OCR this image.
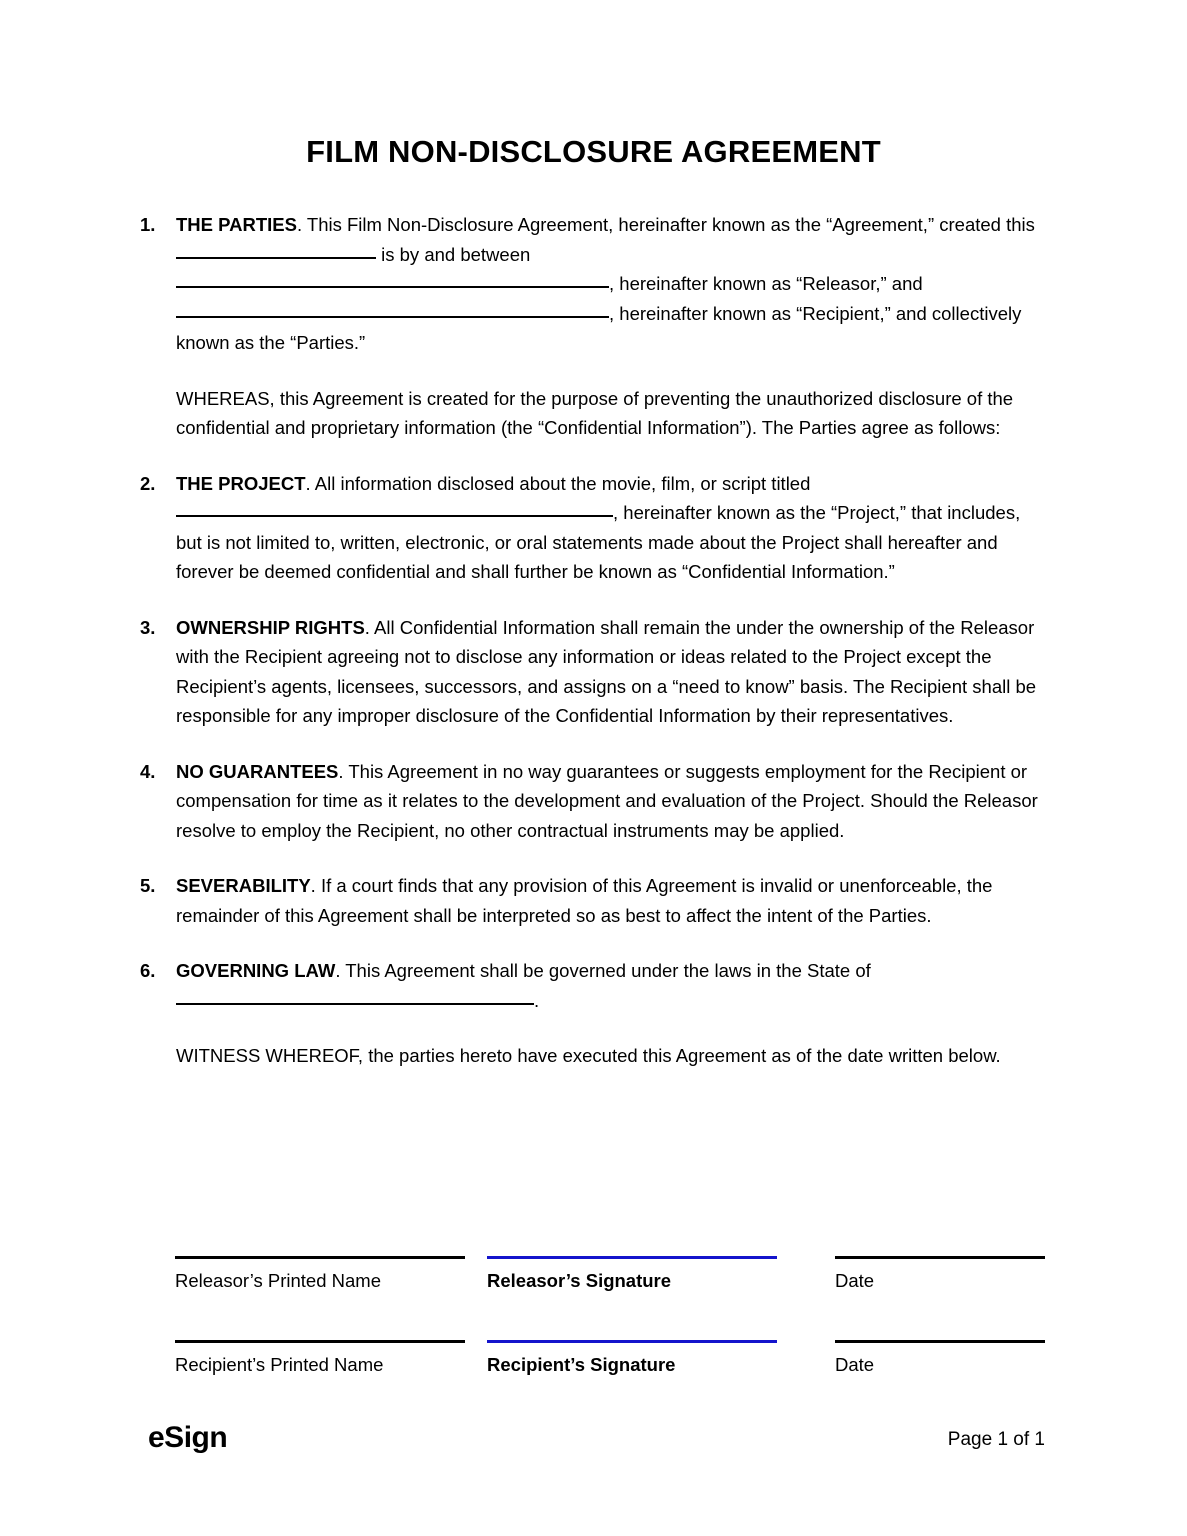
FILM NON-DISCLOSURE AGREEMENT
1. THE PARTIES. This Film Non-Disclosure Agreement, hereinafter known as the “Agreement,” created this  is by and between
, hereinafter known as “Releasor,” and
, hereinafter known as “Recipient,” and collectively known as the “Parties.”
WHEREAS, this Agreement is created for the purpose of preventing the unauthorized disclosure of the confidential and proprietary information (the “Confidential Information”). The Parties agree as follows:
2. THE PROJECT. All information disclosed about the movie, film, or script titled
, hereinafter known as the “Project,” that includes, but is not limited to, written, electronic, or oral statements made about the Project shall hereafter and forever be deemed confidential and shall further be known as “Confidential Information.”
3. OWNERSHIP RIGHTS. All Confidential Information shall remain the under the ownership of the Releasor with the Recipient agreeing not to disclose any information or ideas related to the Project except the Recipient’s agents, licensees, successors, and assigns on a “need to know” basis. The Recipient shall be responsible for any improper disclosure of the Confidential Information by their representatives.
4. NO GUARANTEES. This Agreement in no way guarantees or suggests employment for the Recipient or compensation for time as it relates to the development and evaluation of the Project. Should the Releasor resolve to employ the Recipient, no other contractual instruments may be applied.
5. SEVERABILITY. If a court finds that any provision of this Agreement is invalid or unenforceable, the remainder of this Agreement shall be interpreted so as best to affect the intent of the Parties.
6. GOVERNING LAW. This Agreement shall be governed under the laws in the State of
.
WITNESS WHEREOF, the parties hereto have executed this Agreement as of the date written below.
Releasor’s Printed Name	Releasor’s Signature	Date
Recipient’s Printed Name	Recipient’s Signature	Date
eSign	Page 1 of 1
